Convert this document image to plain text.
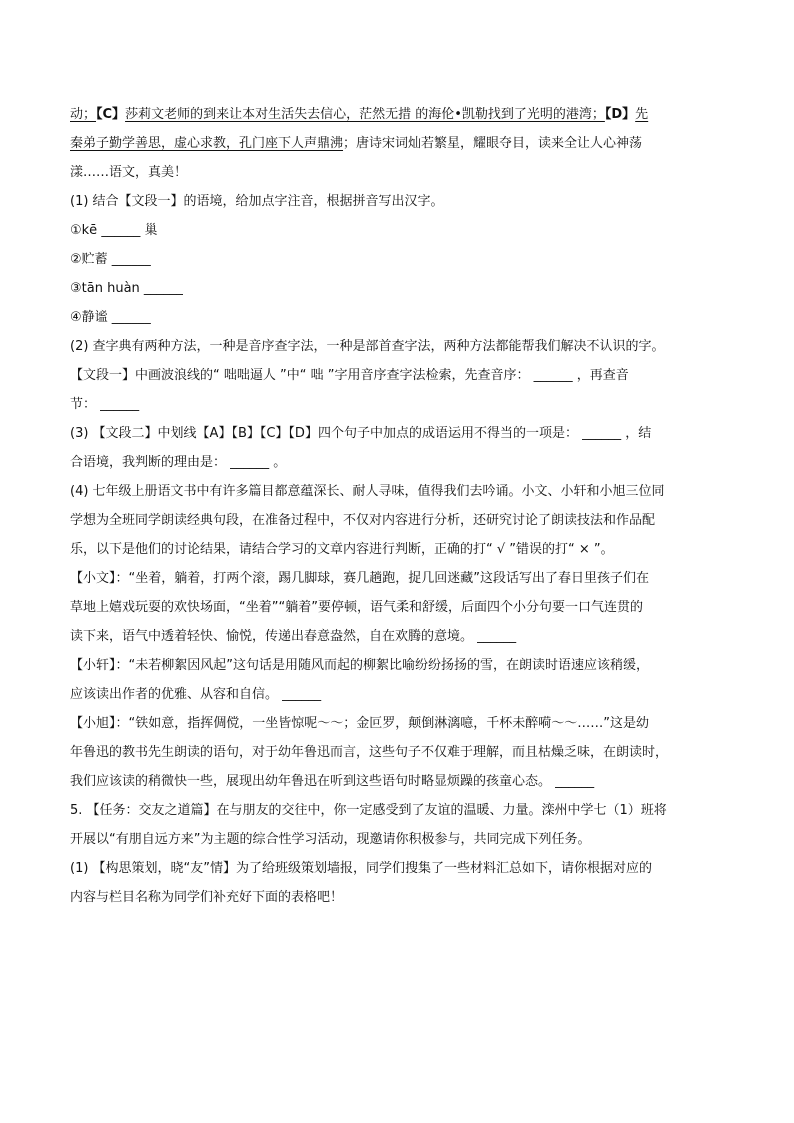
动；【C】莎莉文老师的到来让本对生活失去信心，茫然无措 的海伦•凯勒找到了光明的港湾；【D】先
秦弟子勤学善思，虚心求教，孔门座下人声鼎沸；唐诗宋词灿若繁星，耀眼夺目，读来全让人心神荡
漾……语文，真美！
(1) 结合【文段一】的语境，给加点字注音，根据拼音写出汉字。
①kē ______ 巢
②贮蓄 ______
③tān huàn ______
④静谧 ______
(2) 查字典有两种方法，一种是音序查字法，一种是部首查字法，两种方法都能帮我们解决不认识的字。
【文段一】中画波浪线的“ 咄咄逼人 ”中“ 咄 ”字用音序查字法检索，先查音序： ______ ，再查音
节： ______
(3) 【文段二】中划线【A】【B】【C】【D】四个句子中加点的成语运用不得当的一项是： ______ ，结
合语境，我判断的理由是： ______ 。
(4) 七年级上册语文书中有许多篇目都意蕴深长、耐人寻味，值得我们去吟诵。小文、小轩和小旭三位同
学想为全班同学朗读经典句段，在准备过程中，不仅对内容进行分析，还研究讨论了朗读技法和作品配
乐，以下是他们的讨论结果，请结合学习的文章内容进行判断，正确的打“ √ ”错误的打“ × ”。
【小文】：“坐着，躺着，打两个滚，踢几脚球，赛几趟跑，捉几回迷藏”这段话写出了春日里孩子们在
草地上嬉戏玩耍的欢快场面，“坐着”“躺着”要停顿，语气柔和舒缓，后面四个小分句要一口气连贯的
读下来，语气中透着轻快、愉悦，传递出春意盎然，自在欢腾的意境。 ______
【小轩】：“未若柳絮因风起”这句话是用随风而起的柳絮比喻纷纷扬扬的雪，在朗读时语速应该稍缓，
应该读出作者的优雅、从容和自信。 ______
【小旭】：“铁如意，指挥倜傥，一坐皆惊呢～～；金叵罗，颠倒淋漓噫，千杯未醉嗬～～……”这是幼
年鲁迅的教书先生朗读的语句，对于幼年鲁迅而言，这些句子不仅难于理解，而且枯燥乏味，在朗读时，
我们应该读的稍微快一些，展现出幼年鲁迅在听到这些语句时略显烦躁的孩童心态。 ______
5. 【任务：交友之道篇】在与朋友的交往中，你一定感受到了友谊的温暖、力量。滦州中学七（1）班将
开展以“有朋自远方来”为主题的综合性学习活动，现邀请你积极参与，共同完成下列任务。
(1) 【构思策划，晓“友”情】为了给班级策划墙报，同学们搜集了一些材料汇总如下，请你根据对应的
内容与栏目名称为同学们补充好下面的表格吧！
